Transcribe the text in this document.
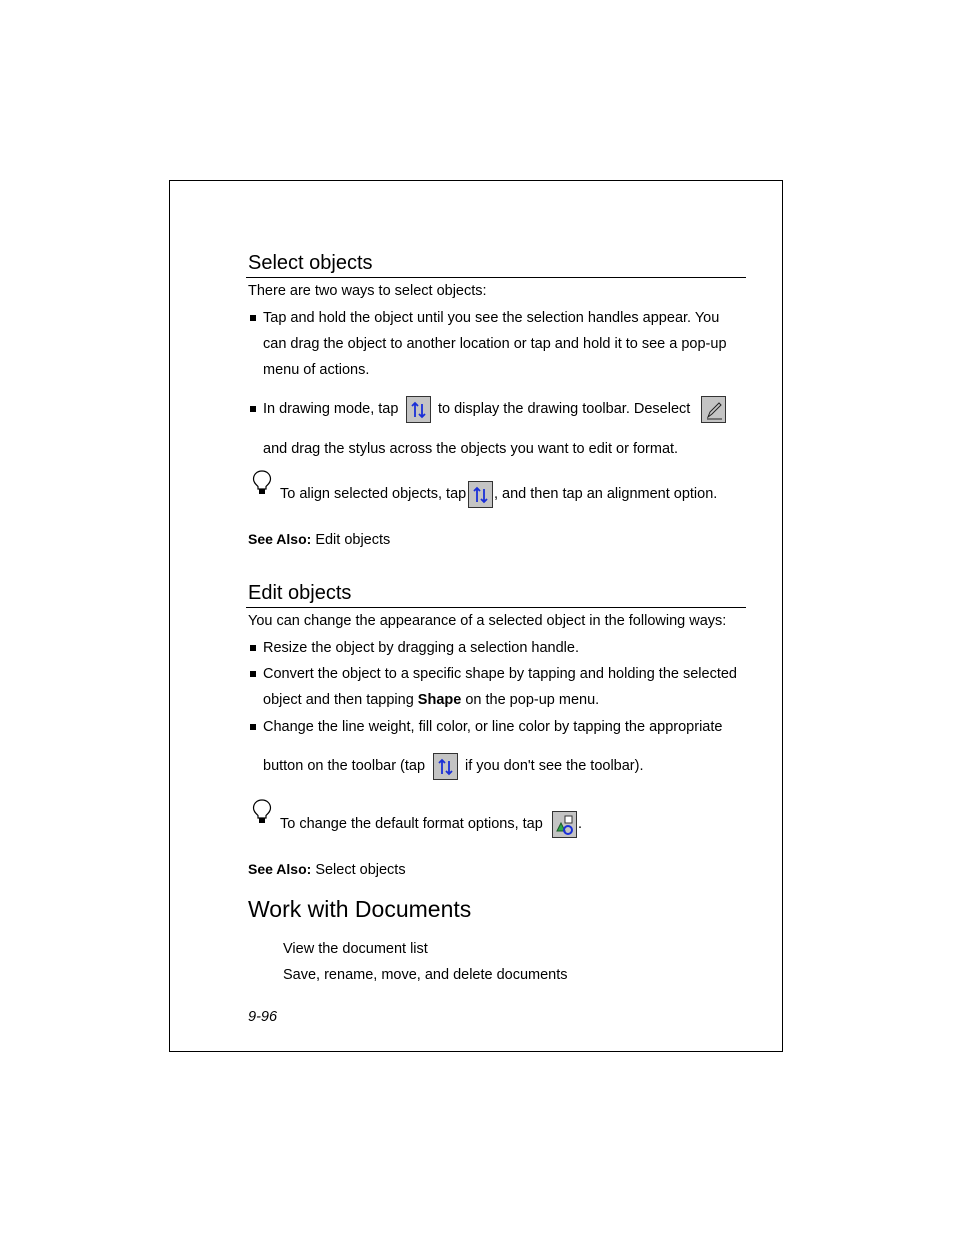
Select objects
There are two ways to select objects:
Tap and hold the object until you see the selection handles appear. You
can drag the object to another location or tap and hold it to see a pop-up
menu of actions.
In drawing mode, tap	to display the drawing toolbar. Deselect
and drag the stylus across the objects you want to edit or format.
To align selected objects, tap , and then tap an alignment option.
See Also: Edit objects
Edit objects
You can change the appearance of a selected object in the following ways:
Resize the object by dragging a selection handle.
Convert the object to a specific shape by tapping and holding the selected
object and then tapping Shape on the pop-up menu.
Change the line weight, fill color, or line color by tapping the appropriate
button on the toolbar (tap	if you don't see the toolbar).
To change the default format options, tap .
See Also: Select objects
Work with Documents
View the document list
Save, rename, move, and delete documents
9-96
